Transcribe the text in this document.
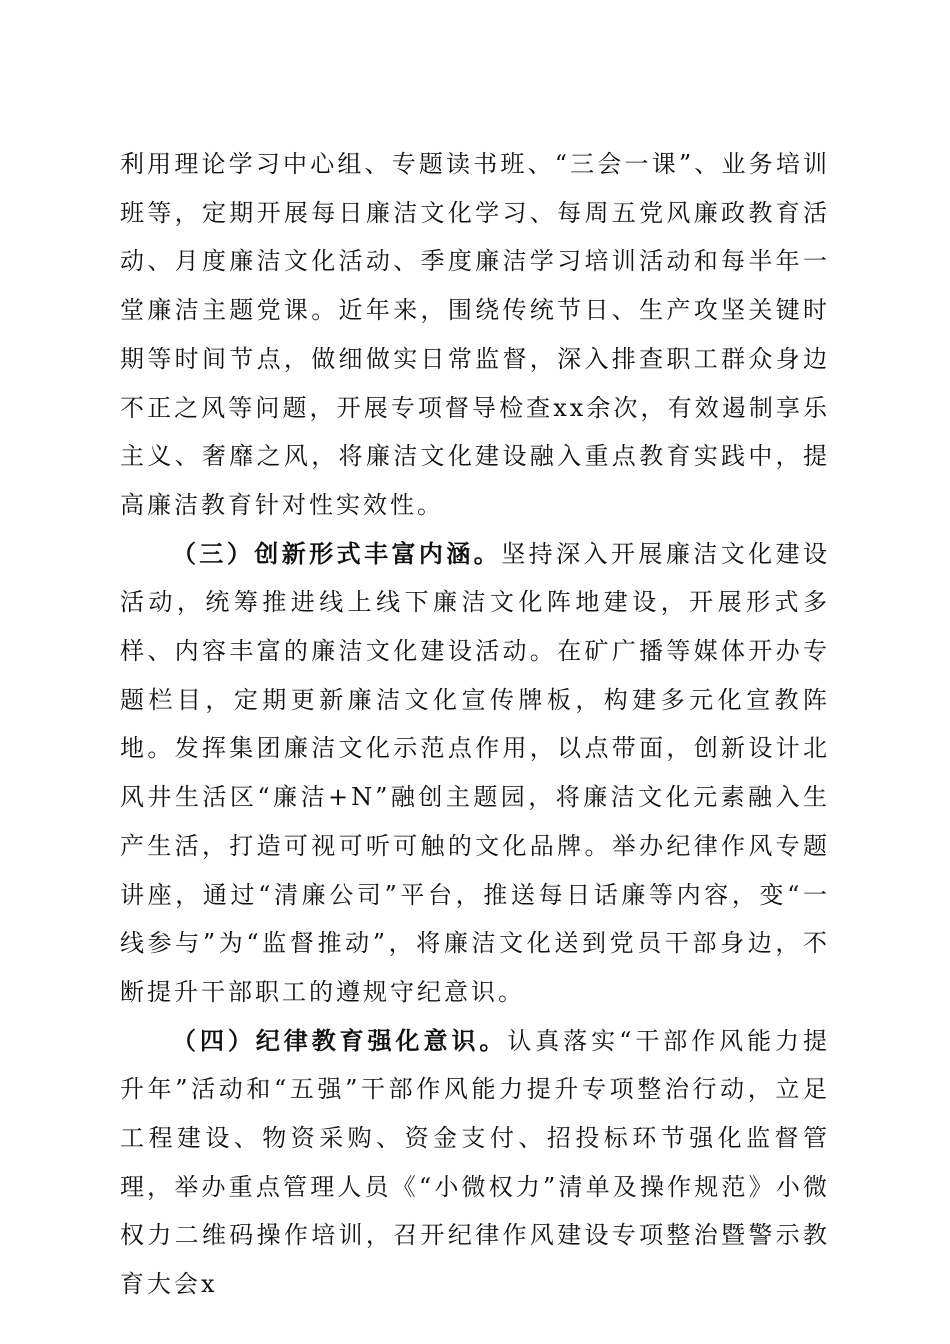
利用理论学习中心组、专题读书班、“三会一课”、业务培训班等，定期开展每日廉洁文化学习、每周五党风廉政教育活动、月度廉洁文化活动、季度廉洁学习培训活动和每半年一堂廉洁主题党课。近年来，围绕传统节日、生产攻坚关键时期等时间节点，做细做实日常监督，深入排查职工群众身边不正之风等问题，开展专项督导检查xx余次，有效遏制享乐主义、奢靡之风，将廉洁文化建设融入重点教育实践中，提高廉洁教育针对性实效性。

（三）创新形式丰富内涵。坚持深入开展廉洁文化建设活动，统筹推进线上线下廉洁文化阵地建设，开展形式多样、内容丰富的廉洁文化建设活动。在矿广播等媒体开办专题栏目，定期更新廉洁文化宣传牌板，构建多元化宣教阵地。发挥集团廉洁文化示范点作用，以点带面，创新设计北风井生活区“廉洁+N”融创主题园，将廉洁文化元素融入生产生活，打造可视可听可触的文化品牌。举办纪律作风专题讲座，通过“清廉公司”平台，推送每日话廉等内容，变“一线参与”为“监督推动”，将廉洁文化送到党员干部身边，不断提升干部职工的遵规守纪意识。

（四）纪律教育强化意识。认真落实“干部作风能力提升年”活动和“五强”干部作风能力提升专项整治行动，立足工程建设、物资采购、资金支付、招投标环节强化监督管理，举办重点管理人员《“小微权力”清单及操作规范》小微权力二维码操作培训，召开纪律作风建设专项整治暨警示教育大会x
